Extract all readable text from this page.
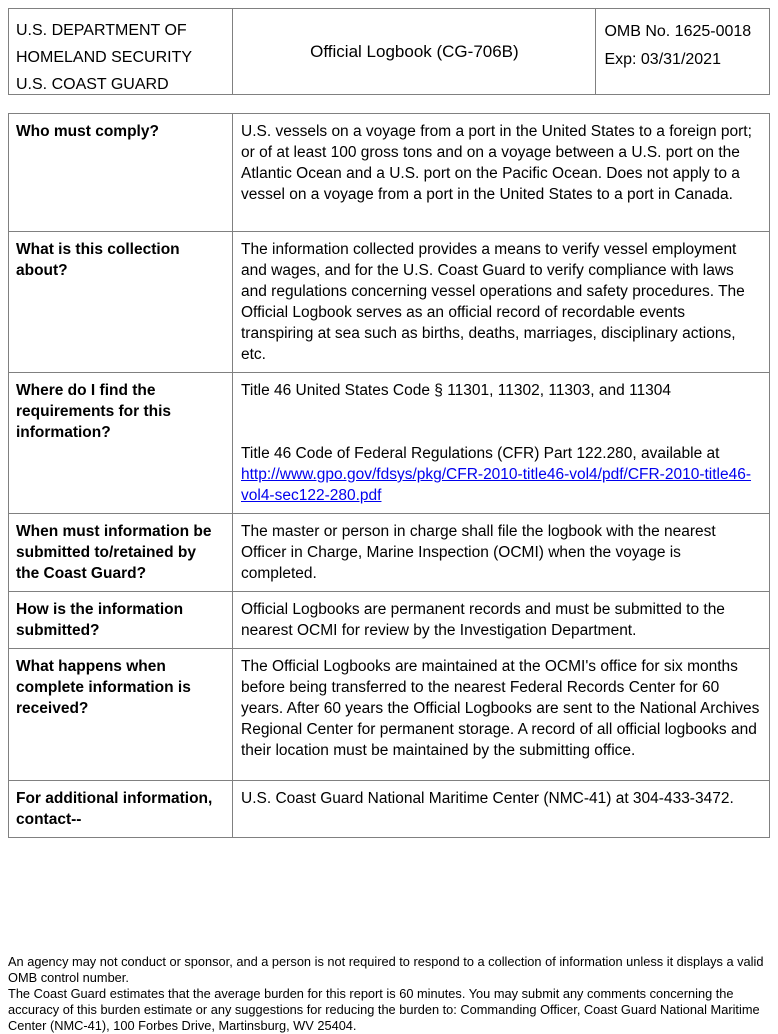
U.S. DEPARTMENT OF
HOMELAND SECURITY
U.S. COAST GUARD
Official Logbook (CG-706B)
OMB No. 1625-0018
Exp: 03/31/2021
Who must comply?	U.S. vessels on a voyage from a port in the United States to a foreign port; or of at least 100 gross tons and on a voyage between a U.S. port on the Atlantic Ocean and a U.S. port on the Pacific Ocean. Does not apply to a vessel on a voyage from a port in the United States to a port in Canada.
What is this collection about?
The information collected provides a means to verify vessel employment and wages, and for the U.S. Coast Guard to verify compliance with laws and regulations concerning vessel operations and safety procedures. The Official Logbook serves as an official record of recordable events transpiring at sea such as births, deaths, marriages, disciplinary actions, etc.
Where do I find the requirements for this information?
Title 46 United States Code § 11301, 11302, 11303, and 11304
Title 46 Code of Federal Regulations (CFR) Part 122.280, available at http://www.gpo.gov/fdsys/pkg/CFR-2010-title46-vol4/pdf/CFR-2010-title46-vol4-sec122-280.pdf
When must information be submitted to/retained by the Coast Guard?
The master or person in charge shall file the logbook with the nearest Officer in Charge, Marine Inspection (OCMI) when the voyage is completed.
How is the information submitted?
Official Logbooks are permanent records and must be submitted to the nearest OCMI for review by the Investigation Department.
What happens when complete information is received?
The Official Logbooks are maintained at the OCMI's office for six months before being transferred to the nearest Federal Records Center for 60 years. After 60 years the Official Logbooks are sent to the National Archives Regional Center for permanent storage. A record of all official logbooks and their location must be maintained by the submitting office.
For additional information, contact--
U.S. Coast Guard National Maritime Center (NMC-41) at 304-433-3472.
An agency may not conduct or sponsor, and a person is not required to respond to a collection of information unless it displays a valid OMB control number.
The Coast Guard estimates that the average burden for this report is 60 minutes. You may submit any comments concerning the accuracy of this burden estimate or any suggestions for reducing the burden to: Commanding Officer, Coast Guard National Maritime Center (NMC-41), 100 Forbes Drive, Martinsburg, WV 25404.
